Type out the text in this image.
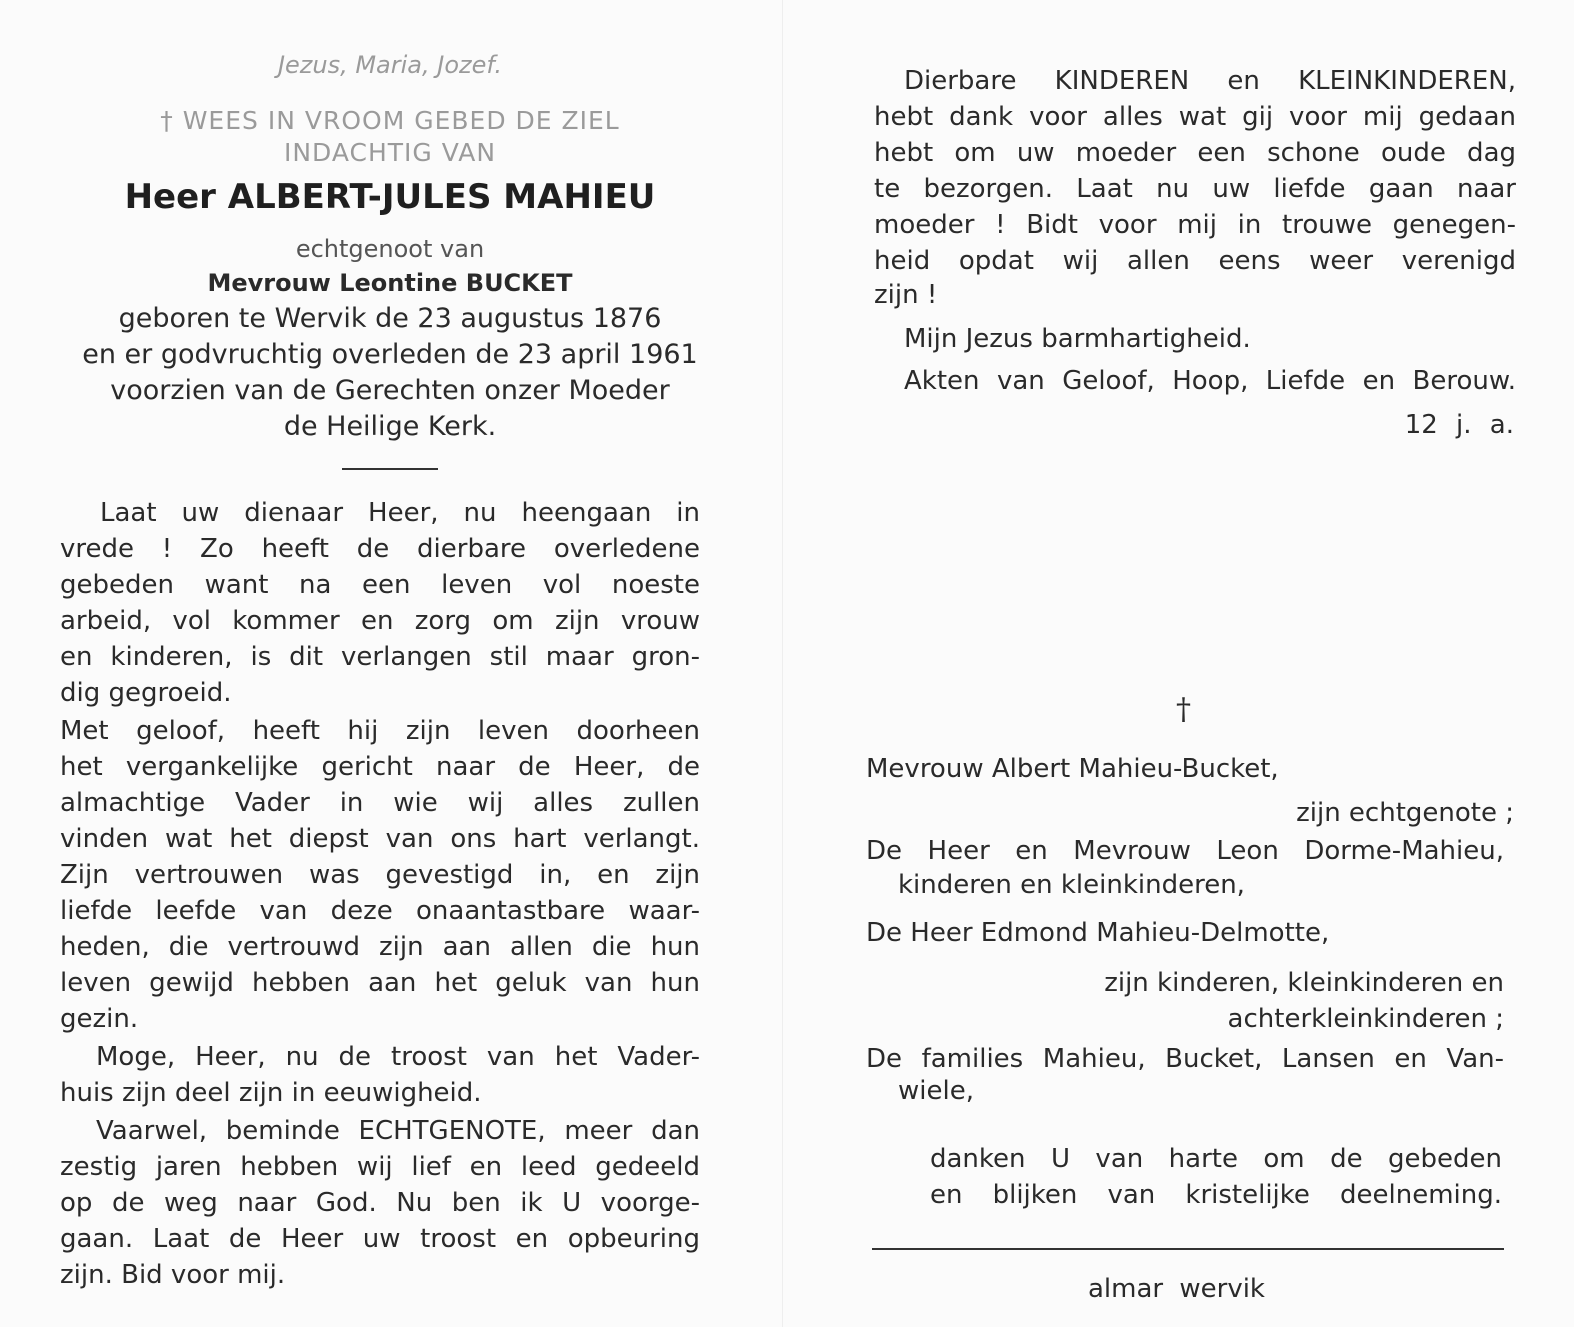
Jezus, Maria, Jozef.
† WEES IN VROOM GEBED DE ZIEL
INDACHTIG VAN
Heer ALBERT-JULES MAHIEU
echtgenoot van
Mevrouw Leontine BUCKET
geboren te Wervik de 23 augustus 1876
en er godvruchtig overleden de 23 april 1961
voorzien van de Gerechten onzer Moeder
de Heilige Kerk.
Laat uw dienaar Heer, nu heengaan in
vrede ! Zo heeft de dierbare overledene
gebeden want na een leven vol noeste
arbeid, vol kommer en zorg om zijn vrouw
en kinderen, is dit verlangen stil maar gron-
dig gegroeid.
Met geloof, heeft hij zijn leven doorheen
het vergankelijke gericht naar de Heer, de
almachtige Vader in wie wij alles zullen
vinden wat het diepst van ons hart verlangt.
Zijn vertrouwen was gevestigd in, en zijn
liefde leefde van deze onaantastbare waar-
heden, die vertrouwd zijn aan allen die hun
leven gewijd hebben aan het geluk van hun
gezin.
Moge, Heer, nu de troost van het Vader-
huis zijn deel zijn in eeuwigheid.
Vaarwel, beminde ECHTGENOTE, meer dan
zestig jaren hebben wij lief en leed gedeeld
op de weg naar God. Nu ben ik U voorge-
gaan. Laat de Heer uw troost en opbeuring
zijn. Bid voor mij.
Dierbare KINDEREN en KLEINKINDEREN,
hebt dank voor alles wat gij voor mij gedaan
hebt om uw moeder een schone oude dag
te bezorgen. Laat nu uw liefde gaan naar
moeder ! Bidt voor mij in trouwe genegen-
heid opdat wij allen eens weer verenigd
zijn !
Mijn Jezus barmhartigheid.
Akten van Geloof, Hoop, Liefde en Berouw.
12 j. a.
†
Mevrouw Albert Mahieu-Bucket,
zijn echtgenote ;
De Heer en Mevrouw Leon Dorme-Mahieu,
kinderen en kleinkinderen,
De Heer Edmond Mahieu-Delmotte,
zijn kinderen, kleinkinderen en
achterkleinkinderen ;
De families Mahieu, Bucket, Lansen en Van-
wiele,
danken U van harte om de gebeden
en blijken van kristelijke deelneming.
almar wervik
